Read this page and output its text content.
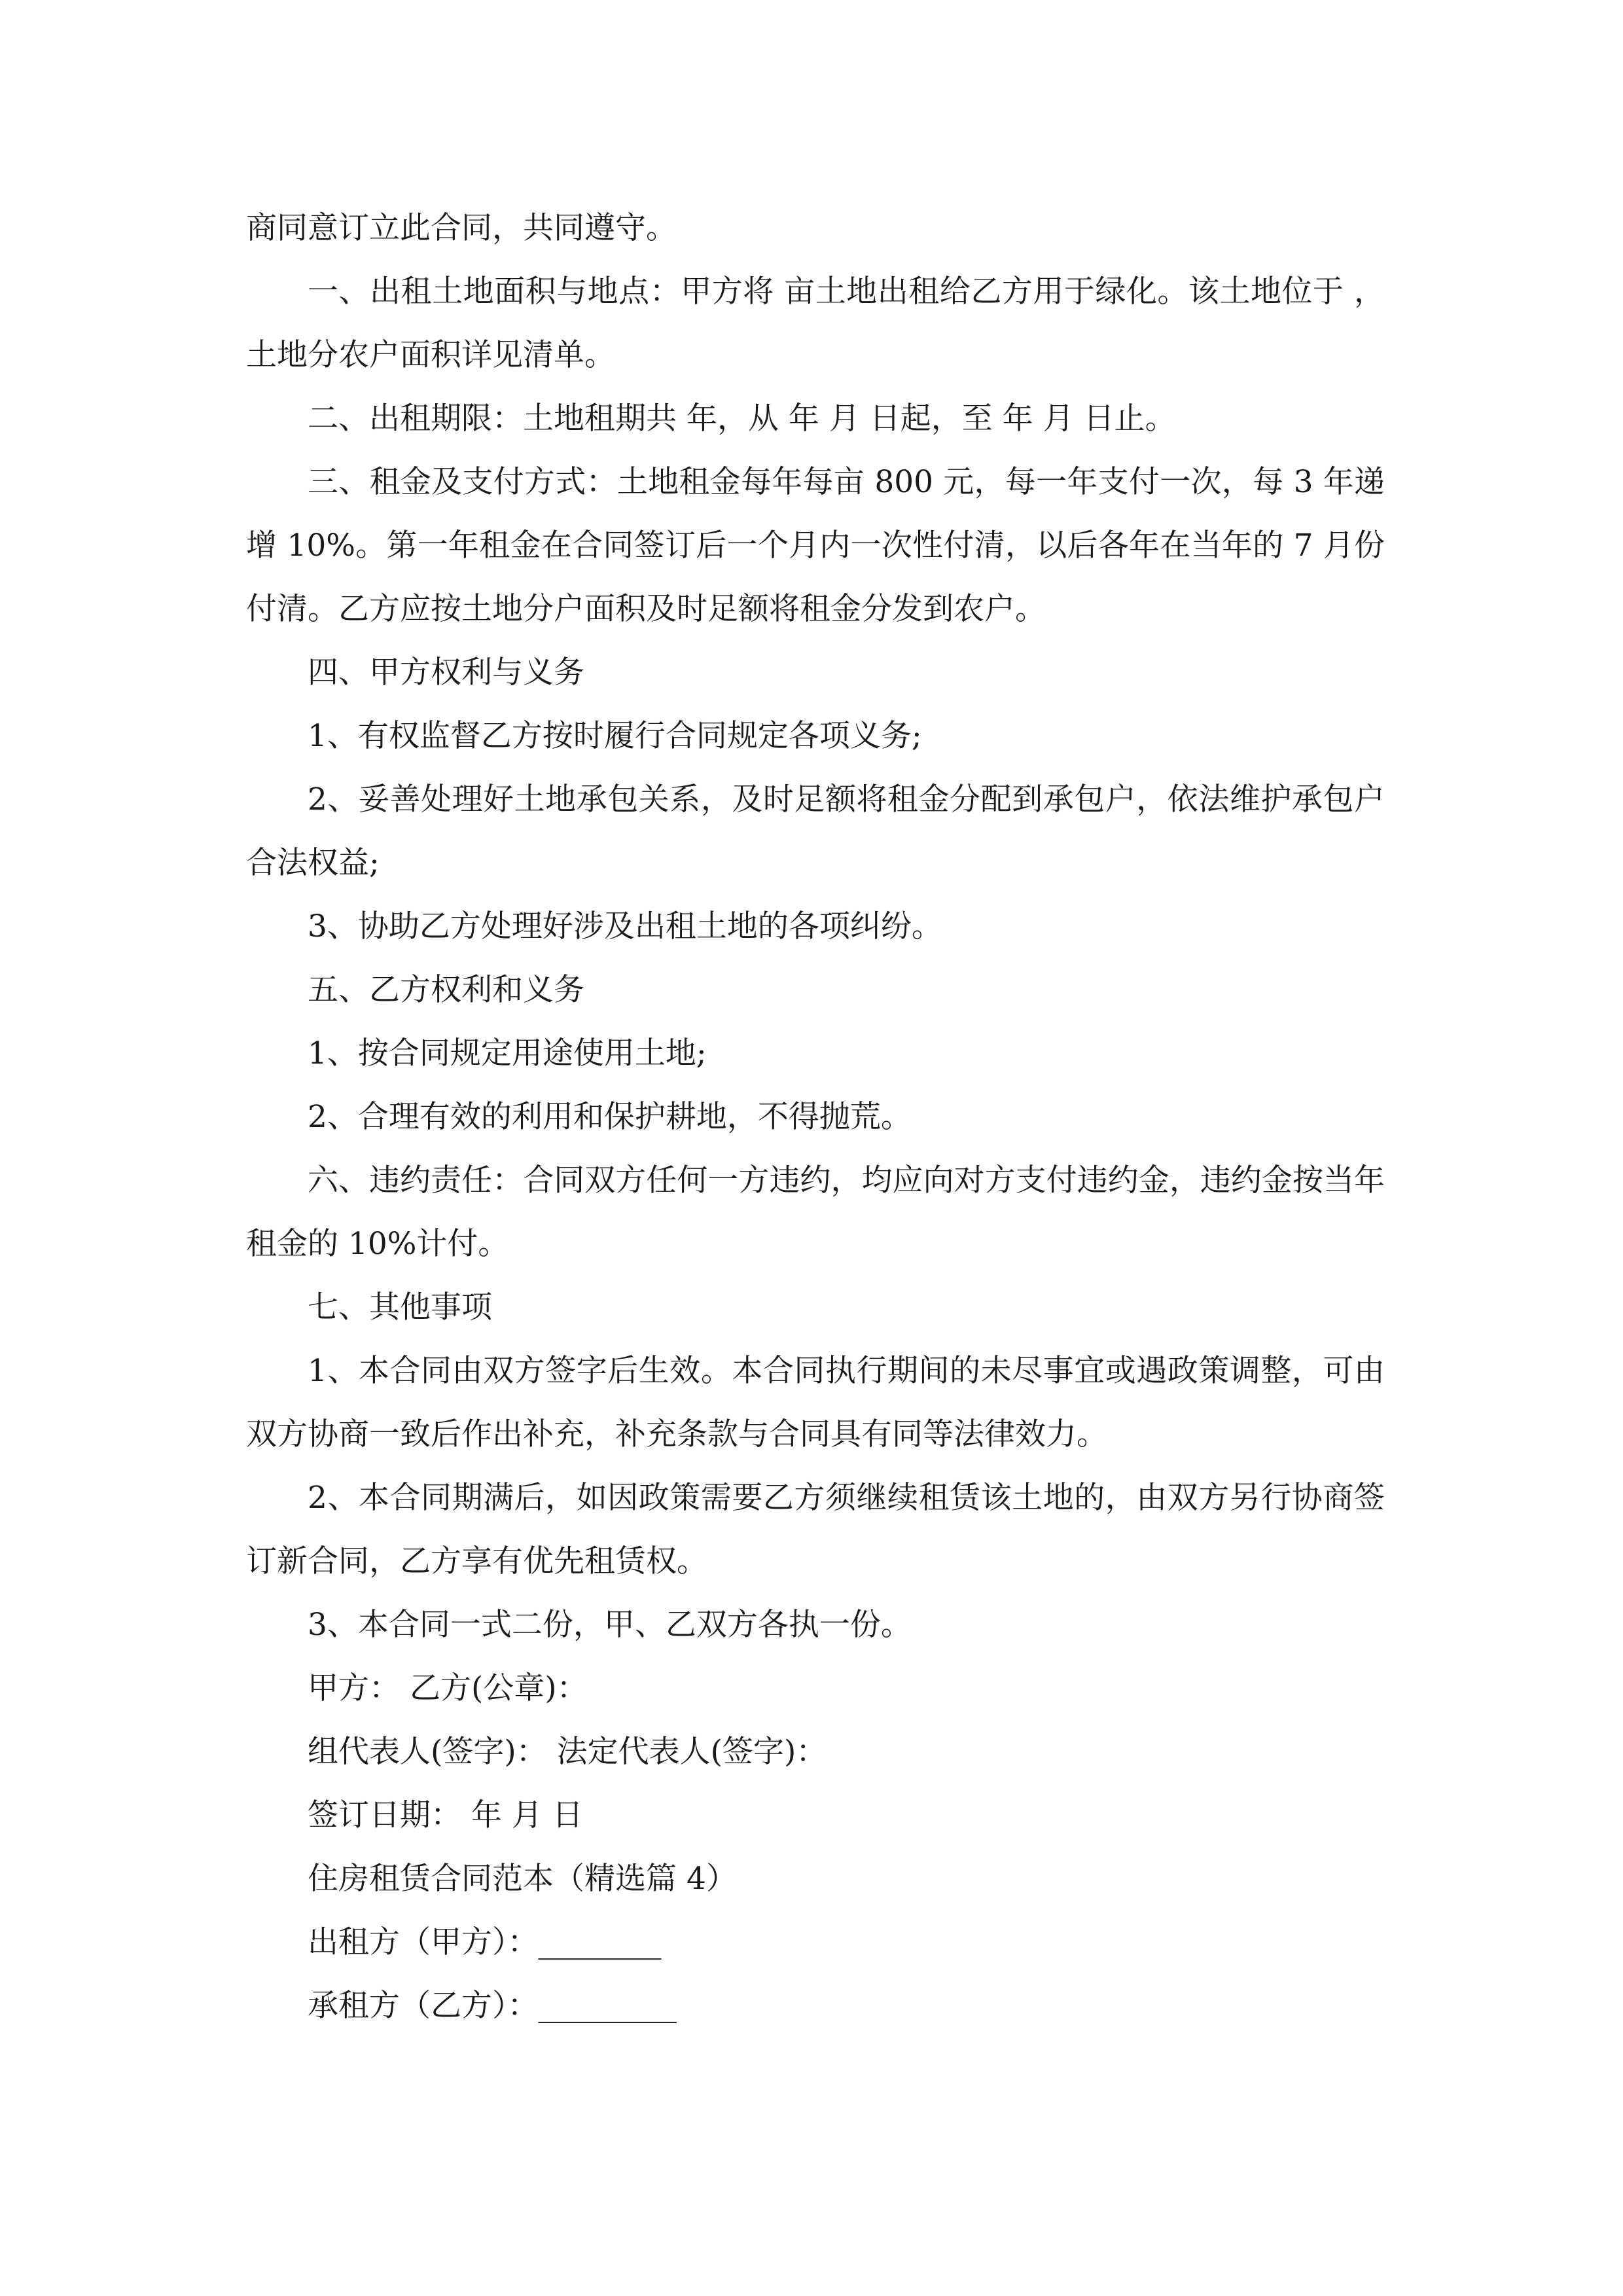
商同意订立此合同，共同遵守。

一、出租土地面积与地点：甲方将 亩土地出租给乙方用于绿化。该土地位于 ，土地分农户面积详见清单。

二、出租期限：土地租期共 年，从 年 月 日起，至 年 月 日止。

三、租金及支付方式：土地租金每年每亩 800 元，每一年支付一次，每 3 年递增 10%。第一年租金在合同签订后一个月内一次性付清，以后各年在当年的 7 月份付清。乙方应按土地分户面积及时足额将租金分发到农户。

四、甲方权利与义务

1、有权监督乙方按时履行合同规定各项义务;

2、妥善处理好土地承包关系，及时足额将租金分配到承包户，依法维护承包户合法权益;

3、协助乙方处理好涉及出租土地的各项纠纷。

五、乙方权利和义务

1、按合同规定用途使用土地;

2、合理有效的利用和保护耕地，不得抛荒。

六、违约责任：合同双方任何一方违约，均应向对方支付违约金，违约金按当年租金的 10%计付。

七、其他事项

1、本合同由双方签字后生效。本合同执行期间的未尽事宜或遇政策调整，可由双方协商一致后作出补充，补充条款与合同具有同等法律效力。

2、本合同期满后，如因政策需要乙方须继续租赁该土地的，由双方另行协商签订新合同，乙方享有优先租赁权。

3、本合同一式二份，甲、乙双方各执一份。

甲方： 乙方(公章)：

组代表人(签字)： 法定代表人(签字)：

签订日期： 年 月 日

住房租赁合同范本（精选篇 4）

出租方（甲方）：________

承租方（乙方）：_________
